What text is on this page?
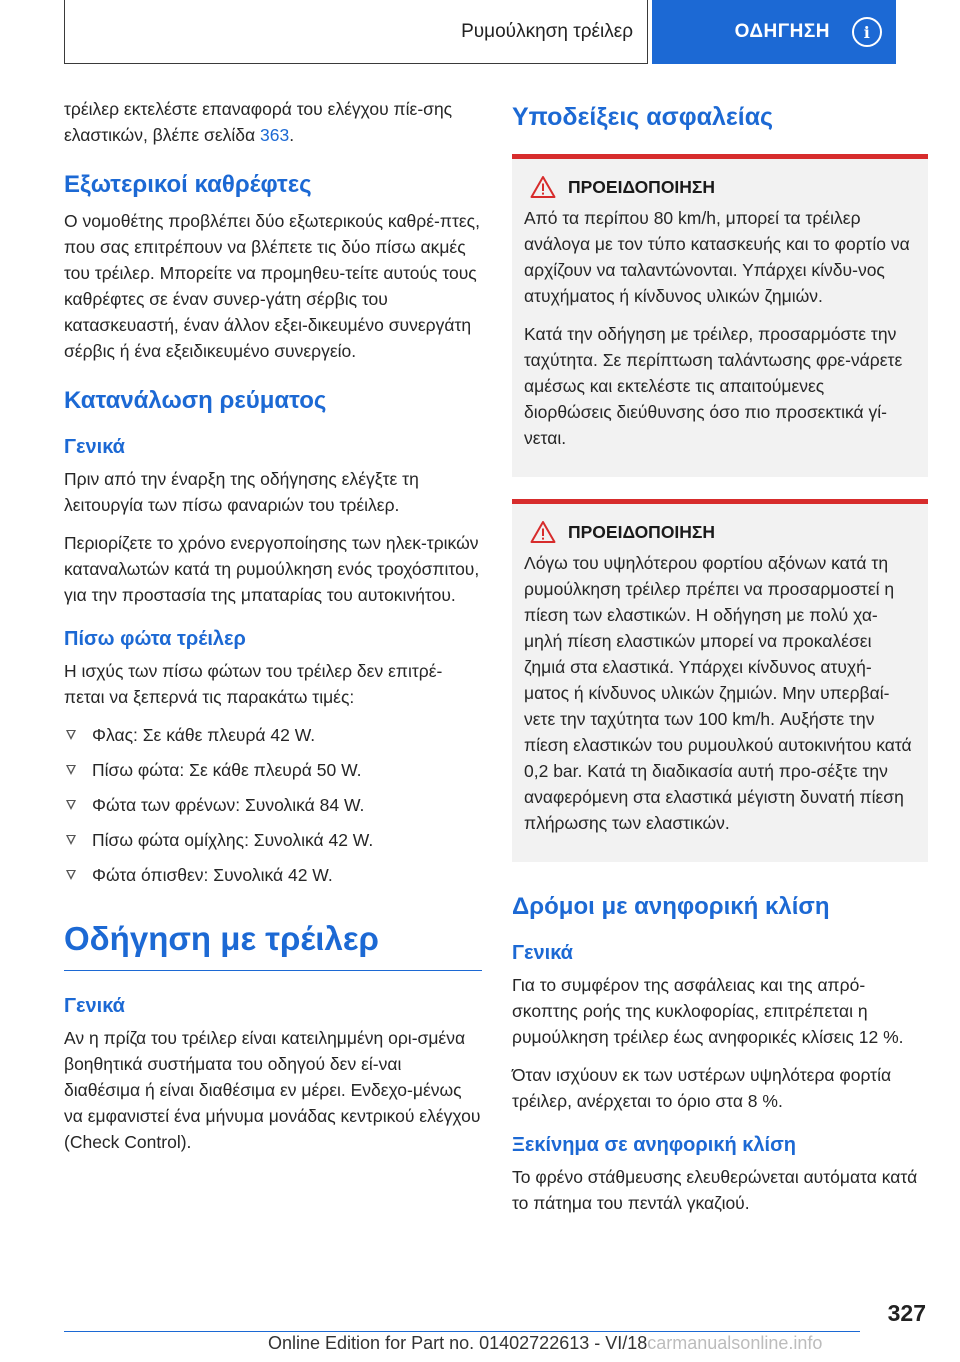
Ρυμούλκηση τρέιλερ	ΟΔΗΓΗΣΗ	i

τρέιλερ εκτελέστε επαναφορά του ελέγχου πίε-σης ελαστικών, βλέπε σελίδα 363.

Εξωτερικοί καθρέφτες

Ο νομοθέτης προβλέπει δύο εξωτερικούς καθρέ-πτες, που σας επιτρέπουν να βλέπετε τις δύο πίσω ακμές του τρέιλερ. Μπορείτε να προμηθευ-τείτε αυτούς τους καθρέφτες σε έναν συνερ-γάτη σέρβις του κατασκευαστή, έναν άλλον εξει-δικευμένο συνεργάτη σέρβις ή ένα εξειδικευμένο συνεργείο.

Κατανάλωση ρεύματος
Γενικά

Πριν από την έναρξη της οδήγησης ελέγξτε τη λειτουργία των πίσω φαναριών του τρέιλερ.

Περιορίζετε το χρόνο ενεργοποίησης των ηλεκ-τρικών καταναλωτών κατά τη ρυμούλκηση ενός τροχόσπιτου, για την προστασία της μπαταρίας του αυτοκινήτου.

Πίσω φώτα τρέιλερ

Η ισχύς των πίσω φώτων του τρέιλερ δεν επιτρέ-πεται να ξεπερνά τις παρακάτω τιμές:

Φλας: Σε κάθε πλευρά 42 W.
Πίσω φώτα: Σε κάθε πλευρά 50 W.
Φώτα των φρένων: Συνολικά 84 W.
Πίσω φώτα ομίχλης: Συνολικά 42 W.
Φώτα όπισθεν: Συνολικά 42 W.
Οδήγηση με τρέιλερ
Γενικά

Αν η πρίζα του τρέιλερ είναι κατειλημμένη ορι-σμένα βοηθητικά συστήματα του οδηγού δεν εί-ναι διαθέσιμα ή είναι διαθέσιμα εν μέρει. Ενδεχο-μένως να εμφανιστεί ένα μήνυμα μονάδας κεντρικού ελέγχου (Check Control).

Υποδείξεις ασφαλείας
ΠΡΟΕΙΔΟΠΟΙΗΣΗ

Από τα περίπου 80 km/h, μπορεί τα τρέιλερ ανάλογα με τον τύπο κατασκευής και το φορτίο να αρχίζουν να ταλαντώνονται. Υπάρχει κίνδυ-νος ατυχήματος ή κίνδυνος υλικών ζημιών.

Κατά την οδήγηση με τρέιλερ, προσαρμόστε την ταχύτητα. Σε περίπτωση ταλάντωσης φρε-νάρετε αμέσως και εκτελέστε τις απαιτούμενες διορθώσεις διεύθυνσης όσο πιο προσεκτικά γί-νεται.

ΠΡΟΕΙΔΟΠΟΙΗΣΗ

Λόγω του υψηλότερου φορτίου αξόνων κατά τη ρυμούλκηση τρέιλερ πρέπει να προσαρμοστεί η πίεση των ελαστικών. Η οδήγηση με πολύ χα-μηλή πίεση ελαστικών μπορεί να προκαλέσει ζημιά στα ελαστικά. Υπάρχει κίνδυνος ατυχή-ματος ή κίνδυνος υλικών ζημιών. Μην υπερβαί-νετε την ταχύτητα των 100 km/h. Αυξήστε την πίεση ελαστικών του ρυμουλκού αυτοκινήτου κατά 0,2 bar. Κατά τη διαδικασία αυτή προ-σέξτε την αναφερόμενη στα ελαστικά μέγιστη δυνατή πίεση πλήρωσης των ελαστικών.

Δρόμοι με ανηφορική κλίση
Γενικά

Για το συμφέρον της ασφάλειας και της απρό-σκοπτης ροής της κυκλοφορίας, επιτρέπεται η ρυμούλκηση τρέιλερ έως ανηφορικές κλίσεις 12 %.

Όταν ισχύουν εκ των υστέρων υψηλότερα φορτία τρέιλερ, ανέρχεται το όριο στα 8 %.

Ξεκίνημα σε ανηφορική κλίση

Το φρένο στάθμευσης ελευθερώνεται αυτόματα κατά το πάτημα του πεντάλ γκαζιού.

327
Online Edition for Part no. 01402722613 - VI/18carmanualsonline.info
